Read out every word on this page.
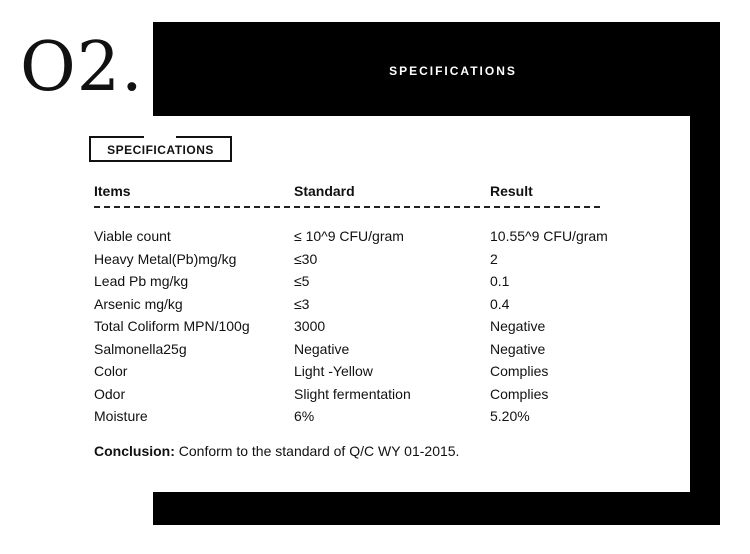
O2.	SPECIFICATIONS
SPECIFICATIONS
Items	Standard	Result
Viable count	≤ 10^9 CFU/gram	10.55^9 CFU/gram
Heavy Metal(Pb)mg/kg	≤30	2
Lead Pb mg/kg	≤5	0.1
Arsenic mg/kg	≤3	0.4
Total Coliform MPN/100g	3000	Negative
Salmonella25g	Negative	Negative
Color	Light -Yellow	Complies
Odor	Slight fermentation	Complies
Moisture	6%	5.20%
Conclusion: Conform to the standard of Q/C WY 01-2015.
